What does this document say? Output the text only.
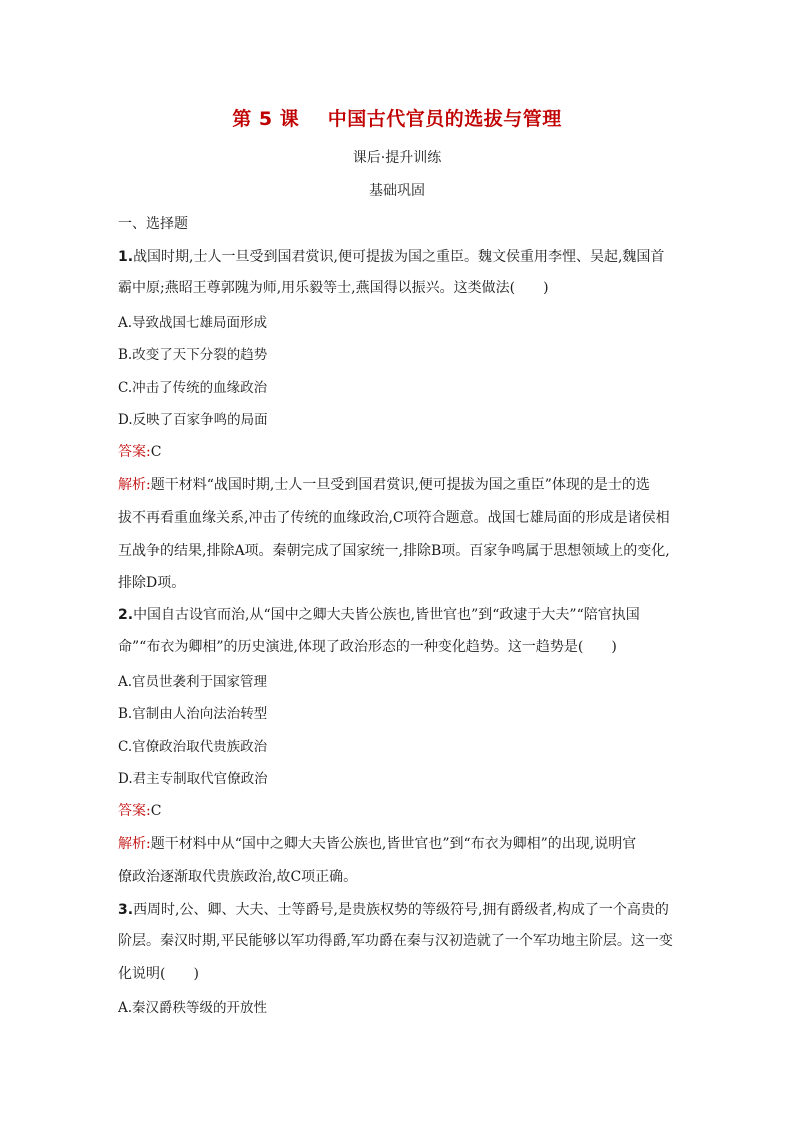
第 5 课    中国古代官员的选拔与管理
课后·提升训练
基础巩固
一、选择题
1.战国时期,士人一旦受到国君赏识,便可提拔为国之重臣。魏文侯重用李悝、吴起,魏国首
霸中原;燕昭王尊郭隗为师,用乐毅等士,燕国得以振兴。这类做法(　　)
A.导致战国七雄局面形成
B.改变了天下分裂的趋势
C.冲击了传统的血缘政治
D.反映了百家争鸣的局面
答案:C
解析:题干材料“战国时期,士人一旦受到国君赏识,便可提拔为国之重臣”体现的是士的选
拔不再看重血缘关系,冲击了传统的血缘政治,C项符合题意。战国七雄局面的形成是诸侯相
互战争的结果,排除A项。秦朝完成了国家统一,排除B项。百家争鸣属于思想领域上的变化,
排除D项。
2.中国自古设官而治,从“国中之卿大夫皆公族也,皆世官也”到“政逮于大夫”“陪官执国
命”“布衣为卿相”的历史演进,体现了政治形态的一种变化趋势。这一趋势是(　　)
A.官员世袭利于国家管理
B.官制由人治向法治转型
C.官僚政治取代贵族政治
D.君主专制取代官僚政治
答案:C
解析:题干材料中从“国中之卿大夫皆公族也,皆世官也”到“布衣为卿相”的出现,说明官
僚政治逐渐取代贵族政治,故C项正确。
3.西周时,公、卿、大夫、士等爵号,是贵族权势的等级符号,拥有爵级者,构成了一个高贵的
阶层。秦汉时期,平民能够以军功得爵,军功爵在秦与汉初造就了一个军功地主阶层。这一变
化说明(　　)
A.秦汉爵秩等级的开放性
